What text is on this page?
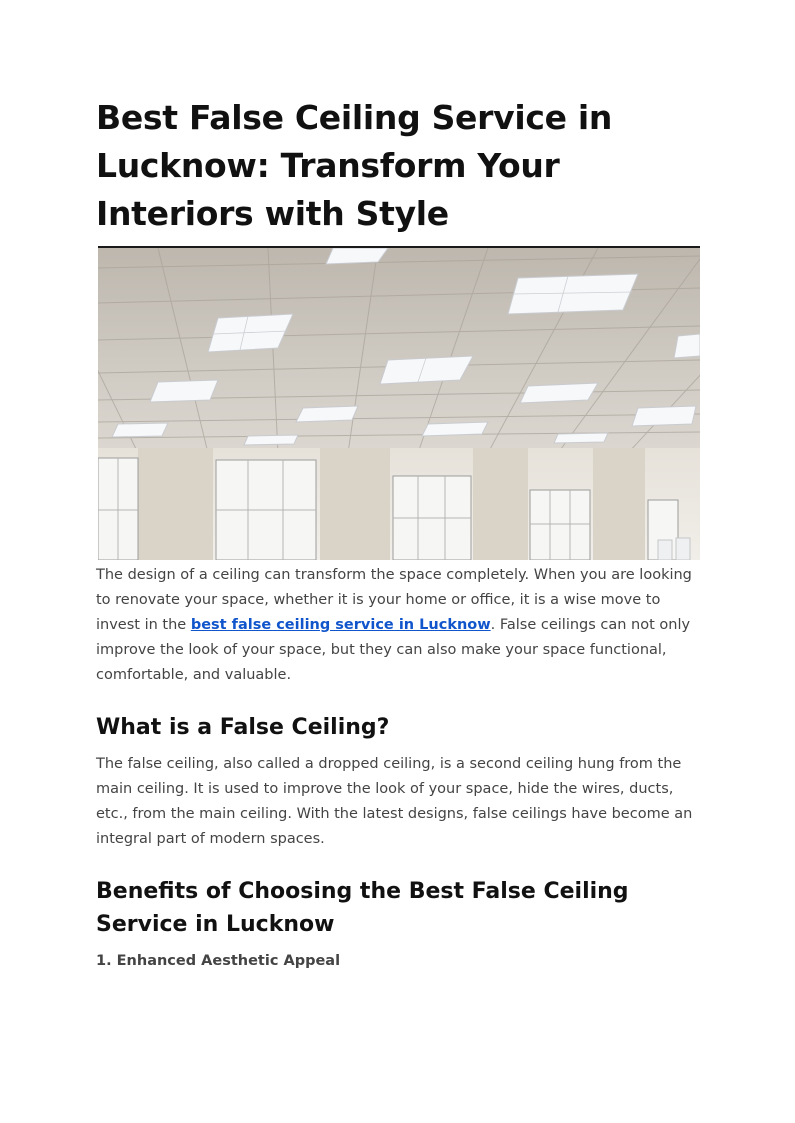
Best False Ceiling Service in Lucknow: Transform Your Interiors with Style

The design of a ceiling can transform the space completely. When you are looking to renovate your space, whether it is your home or office, it is a wise move to invest in the best false ceiling service in Lucknow. False ceilings can not only improve the look of your space, but they can also make your space functional, comfortable, and valuable.

What is a False Ceiling?

The false ceiling, also called a dropped ceiling, is a second ceiling hung from the main ceiling. It is used to improve the look of your space, hide the wires, ducts, etc., from the main ceiling. With the latest designs, false ceilings have become an integral part of modern spaces.

Benefits of Choosing the Best False Ceiling Service in Lucknow

1. Enhanced Aesthetic Appeal
